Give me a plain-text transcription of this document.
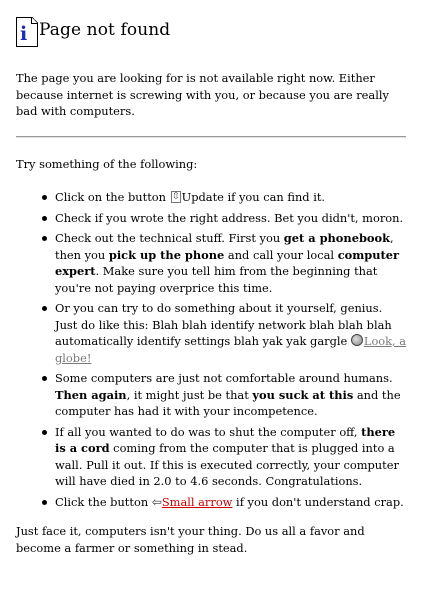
i Page not found

The page you are looking for is not available right now. Either because internet is screwing with you, or because you are really bad with computers.

Try something of the following:

Click on the button ⇳Update if you can find it.
Check if you wrote the right address. Bet you didn't, moron.
Check out the technical stuff. First you get a phonebook, then you pick up the phone and call your local computer expert. Make sure you tell him from the beginning that you're not paying overprice this time.
Or you can try to do something about it yourself, genius. Just do like this: Blah blah identify network blah blah blah automatically identify settings blah yak yak gargle Look, a globe!
Some computers are just not comfortable around humans. Then again, it might just be that you suck at this and the computer has had it with your incompetence.
If all you wanted to do was to shut the computer off, there is a cord coming from the computer that is plugged into a wall. Pull it out. If this is executed correctly, your computer will have died in 2.0 to 4.6 seconds. Congratulations.
Click the button ⇦Small arrow if you don't understand crap.

Just face it, computers isn't your thing. Do us all a favor and become a farmer or something in stead.
